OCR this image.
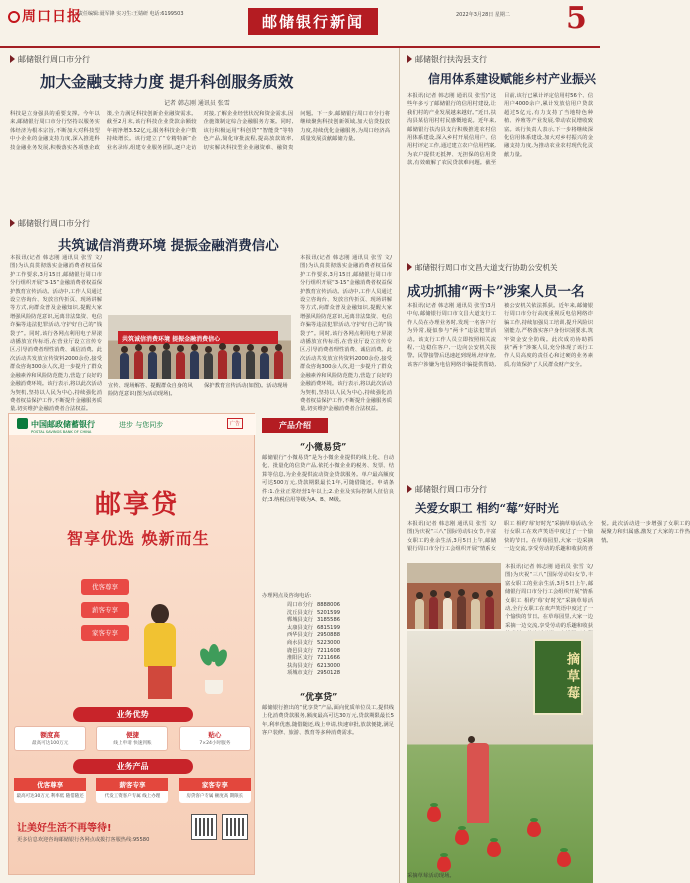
周口日报
责任编辑:聂军锋 实习生:王婧研 电话:6199503	邮储银行新闻	2022年3月28日 星期二 5
邮储银行周口市分行
加大金融支持力度 提升科创服务质效
记者 韩志刚 通讯员 张雪
科技是立身强县的重要支撑。今年以来,邮储银行周口市分行坚持以服务实体经济为根本宗旨,不断加大对科技型中小企业的金融支持力度,深入推进科技金融业务发展,积极落实各项惠企政策,全力满足科技创新企业融资需求。截至2月末,该行科技企业贷款余额较年初净增3.52亿元,服务科技企业户数持续增长。该行建立了“专精特新”企业名录库,组建专业服务团队,逐户走访对接,了解企业经营状况和资金需求,因企施策制定综合金融服务方案。同时,该行积极运用“科创贷”“智能贷”等特色产品,简化审批流程,提高放款效率,切实解决科技型企业融资难、融资贵问题。下一步,邮储银行周口市分行将继续聚焦科技创新领域,加大信贷投放力度,持续优化金融服务,为周口经济高质量发展贡献邮储力量。
邮储银行周口市分行
共筑诚信消费环境 提振金融消费信心
本报讯(记者 韩志刚 通讯员 张雪 文/图)为认真贯彻落实金融消费者权益保护工作要求,3月15日,邮储银行周口市分行组织开展“3·15”金融消费者权益保护教育宣传活动。活动中,工作人员通过设立咨询台、发放宣传折页、现场讲解等方式,向群众普及金融知识,提醒大家增强风险防范意识,远离非法集资、电信诈骗等违法犯罪活动,守护好自己的“钱袋子”。同时,该行各网点利用电子屏滚动播放宣传标语,在营业厅设立宣传专区,引导消费者理性消费、诚信消费。此次活动共发放宣传资料2000余份,接受群众咨询300余人次,进一步提升了群众金融素养和风险防范能力,营造了良好的金融消费环境。该行表示,将以此次活动为契机,坚持以人民为中心,持续强化消费者权益保护工作,不断提升金融服务质量,切实维护金融消费者合法权益。
本报讯(记者 韩志刚 通讯员 张雪 文/图)为认真贯彻落实金融消费者权益保护工作要求,3月15日,邮储银行周口市分行组织开展“3·15”金融消费者权益保护教育宣传活动。活动中,工作人员通过设立咨询台、发放宣传折页、现场讲解等方式,向群众普及金融知识,提醒大家增强风险防范意识,远离非法集资、电信诈骗等违法犯罪活动,守护好自己的“钱袋子”。同时,该行各网点利用电子屏滚动播放宣传标语,在营业厅设立宣传专区,引导消费者理性消费、诚信消费。此次活动共发放宣传资料2000余份,接受群众咨询300余人次,进一步提升了群众金融素养和风险防范能力,营造了良好的金融消费环境。该行表示,将以此次活动为契机,坚持以人民为中心,持续强化消费者权益保护工作,不断提升金融服务质量,切实维护金融消费者合法权益。
共筑诚信消费环境 提振金融消费信心
宣传、现场解答、提醒群众自身的风险防范意识(图为活动现场)。
保护教育宣传活动(如图)。活动现场
中国邮政储蓄银行
POSTAL SAVINGS BANK OF CHINA
进步 与您同步	广告
邮享贷
智享优选 焕新而生
优客尊享
薪客专享
家客专享
业务优势
额度高
最高可达100万元
便捷
线上申请 快速到账
贴心
7×24小时服务
业务产品
优客尊享
最高可达30万元 利率低 随借随还
薪客专享
代发工资客户专属 线上办理
家客专享
房贷客户专属 额度高 期限长
让美好生活不再等待!
更多信息欢迎咨询邮储银行各网点或拨打客服热线:95580
产品介绍
“小微易贷”
邮储银行“小微易贷”是为小微企业提供的线上化、自动化、批量化的信贷产品,依托小微企业的税务、发票、结算等信息,为企业提供流动资金贷款服务。单户最高额度可达500万元,贷款期限最长1年,可随借随还。申请条件:1.企业正常经营1年以上;2.企业及实际控制人征信良好;3.纳税信用等级为A、B、M级。
办理网点及咨询电话:
周口市分行	8888006
沈丘县支行	5201599
郸城县支行	3185586
太康县支行	6815199
西华县支行	2950888
商水县支行	5223000
鹿邑县支行	7211608
淮阳区支行	7211666
扶沟县支行	6213000
项城市支行	2950128
“优享贷”
邮储银行推出的“优享贷”产品,面向优质单位员工,提供线上化消费贷款服务,额度最高可达30万元,贷款期限最长5年,利率优惠,随借随还,线上申请,快速审批,放款便捷,满足客户装修、旅游、教育等多种消费需求。
邮储银行扶沟县支行
信用体系建设赋能乡村产业振兴
本报讯(记者 韩志刚 通讯员 张雪)“这些年多亏了邮储银行的信用村建设,让我们村的产业发展越来越好。”近日,扶沟县某信用村村民感慨地说。近年来,邮储银行扶沟县支行积极推进农村信用体系建设,深入乡村开展信用户、信用村评定工作,通过建立农户信用档案,为农户提供无抵押、无担保的信用贷款,有效破解了农民贷款难问题。截至目前,该行已累计评定信用村56个、信用户4000余户,累计发放信用户贷款超过5亿元,有力支持了当地特色种植、养殖等产业发展,带动农民增收致富。该行负责人表示,下一步将继续深化信用体系建设,加大对乡村振兴的金融支持力度,为推动农业农村现代化贡献力量。
邮储银行周口市文昌大道支行协助公安机关
成功抓捕“两卡”涉案人员一名
本报讯(记者 韩志刚 通讯员 张雪)3月中旬,邮储银行周口市文昌大道支行工作人员在办理业务时,发现一名客户行为异常,疑似参与“两卡”违法犯罪活动。该支行工作人员立即按照相关流程,一边稳住客户,一边向公安机关报警。民警接警后迅速赶到现场,经审查,该客户涉嫌为电信网络诈骗提供帮助,被公安机关依法抓获。近年来,邮储银行周口市分行高度重视反电信网络诈骗工作,持续加强员工培训,提升风险识别能力,严格落实客户身份识别要求,筑牢资金安全防线。此次成功协助抓获“两卡”涉案人员,充分体现了该行工作人员高度的责任心和过硬的业务素质,有效保护了人民群众财产安全。
邮储银行周口市分行
关爱女职工 相约“莓”好时光
本报讯(记者 韩志刚 通讯员 张雪 文/图)为庆祝“三八”国际劳动妇女节,丰富女职工的业余生活,3月5日上午,邮储银行周口市分行工会组织开展“情系女职工 相约‘莓’好时光”采摘草莓活动,全行女职工在欢声笑语中度过了一个愉快的节日。在草莓园里,大家一边采摘一边交流,享受劳动的乐趣和收获的喜悦。此次活动进一步增强了女职工的凝聚力和归属感,激发了大家的工作热情。
本报讯(记者 韩志刚 通讯员 张雪 文/图)为庆祝“三八”国际劳动妇女节,丰富女职工的业余生活,3月5日上午,邮储银行周口市分行工会组织开展“情系女职工 相约‘莓’好时光”采摘草莓活动,全行女职工在欢声笑语中度过了一个愉快的节日。在草莓园里,大家一边采摘一边交流,享受劳动的乐趣和收获
摘草莓
采摘草莓活动现场。
